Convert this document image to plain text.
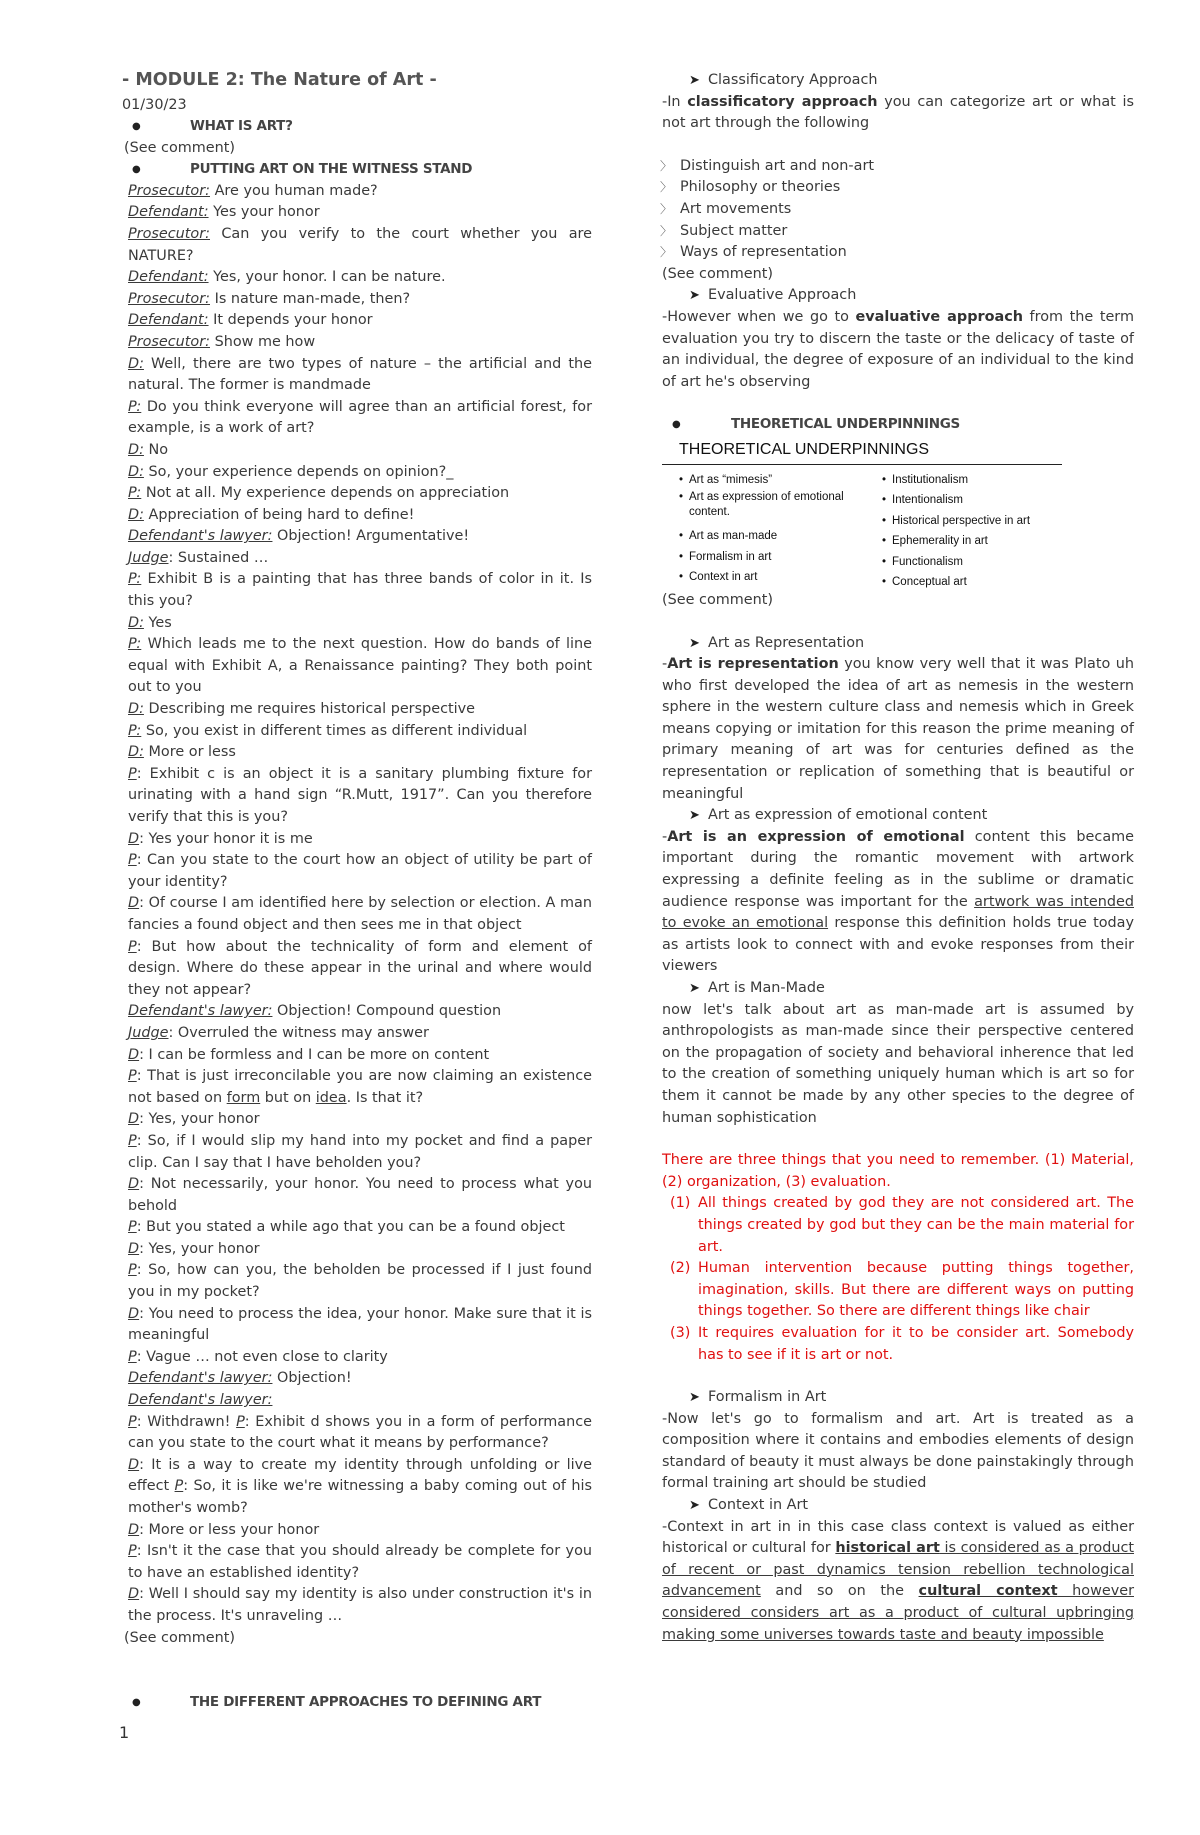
- MODULE 2: The Nature of Art -
01/30/23
● WHAT IS ART?
(See comment)
● PUTTING ART ON THE WITNESS STAND

Prosecutor: Are you human made?

Defendant: Yes your honor

Prosecutor: Can you verify to the court whether you are NATURE?

Defendant: Yes, your honor. I can be nature.

Prosecutor: Is nature man-made, then?

Defendant: It depends your honor

Prosecutor: Show me how

D: Well, there are two types of nature – the artificial and the natural. The former is mandmade

P: Do you think everyone will agree than an artificial forest, for example, is a work of art?

D: No

D: So, your experience depends on opinion?_

P: Not at all. My experience depends on appreciation

D: Appreciation of being hard to define!

Defendant's lawyer: Objection! Argumentative!

Judge: Sustained …

P: Exhibit B is a painting that has three bands of color in it. Is this you?

D: Yes

P: Which leads me to the next question. How do bands of line equal with Exhibit A, a Renaissance painting? They both point out to you

D: Describing me requires historical perspective

P: So, you exist in different times as different individual

D: More or less

P: Exhibit c is an object it is a sanitary plumbing fixture for urinating with a hand sign “R.Mutt, 1917”. Can you therefore verify that this is you?

D: Yes your honor it is me

P: Can you state to the court how an object of utility be part of your identity?

D: Of course I am identified here by selection or election. A man fancies a found object and then sees me in that object

P: But how about the technicality of form and element of design. Where do these appear in the urinal and where would they not appear?

Defendant's lawyer: Objection! Compound question

Judge: Overruled the witness may answer

D: I can be formless and I can be more on content

P: That is just irreconcilable you are now claiming an existence not based on form but on idea. Is that it?

D: Yes, your honor

P: So, if I would slip my hand into my pocket and find a paper clip. Can I say that I have beholden you?

D: Not necessarily, your honor. You need to process what you behold

P: But you stated a while ago that you can be a found object

D: Yes, your honor

P: So, how can you, the beholden be processed if I just found you in my pocket?

D: You need to process the idea, your honor. Make sure that it is meaningful

P: Vague … not even close to clarity

Defendant's lawyer: Objection!

Defendant's lawyer:

P: Withdrawn! P: Exhibit d shows you in a form of performance can you state to the court what it means by performance?

D: It is a way to create my identity through unfolding or live effect P: So, it is like we're witnessing a baby coming out of his mother's womb?

D: More or less your honor

P: Isn't it the case that you should already be complete for you to have an established identity?

D: Well I should say my identity is also under construction it's in the process. It's unraveling …

(See comment)
● THE DIFFERENT APPROACHES TO DEFINING ART
➤ Classificatory Approach

-In classificatory approach you can categorize art or what is not art through the following

〉 Distinguish art and non-art
〉 Philosophy or theories
〉 Art movements
〉 Subject matter
〉 Ways of representation
(See comment)
➤ Evaluative Approach

-However when we go to evaluative approach from the term evaluation you try to discern the taste or the delicacy of taste of an individual, the degree of exposure of an individual to the kind of art he's observing

● THEORETICAL UNDERPINNINGS
THEORETICAL UNDERPINNINGS
• Art as “mimesis”
• Art as expression of emotional content.
• Art as man-made
• Formalism in art
• Context in art
• Institutionalism
• Intentionalism
• Historical perspective in art
• Ephemerality in art
• Functionalism
• Conceptual art
(See comment)
➤ Art as Representation

-Art is representation you know very well that it was Plato uh who first developed the idea of art as nemesis in the western sphere in the western culture class and nemesis which in Greek means copying or imitation for this reason the prime meaning of primary meaning of art was for centuries defined as the representation or replication of something that is beautiful or meaningful

➤ Art as expression of emotional content

-Art is an expression of emotional content this became important during the romantic movement with artwork expressing a definite feeling as in the sublime or dramatic audience response was important for the artwork was intended to evoke an emotional response this definition holds true today as artists look to connect with and evoke responses from their viewers

➤ Art is Man-Made

now let's talk about art as man-made art is assumed by anthropologists as man-made since their perspective centered on the propagation of society and behavioral inherence that led to the creation of something uniquely human which is art so for them it cannot be made by any other species to the degree of human sophistication

There are three things that you need to remember. (1) Material, (2) organization, (3) evaluation.

(1) All things created by god they are not considered art. The things created by god but they can be the main material for art.

(2) Human intervention because putting things together, imagination, skills. But there are different ways on putting things together. So there are different things like chair

(3) It requires evaluation for it to be consider art. Somebody has to see if it is art or not.

➤ Formalism in Art

-Now let's go to formalism and art. Art is treated as a composition where it contains and embodies elements of design standard of beauty it must always be done painstakingly through formal training art should be studied

➤ Context in Art

-Context in art in in this case class context is valued as either historical or cultural for historical art is considered as a product of recent or past dynamics tension rebellion technological advancement and so on the cultural context however considered considers art as a product of cultural upbringing making some universes towards taste and beauty impossible

1
